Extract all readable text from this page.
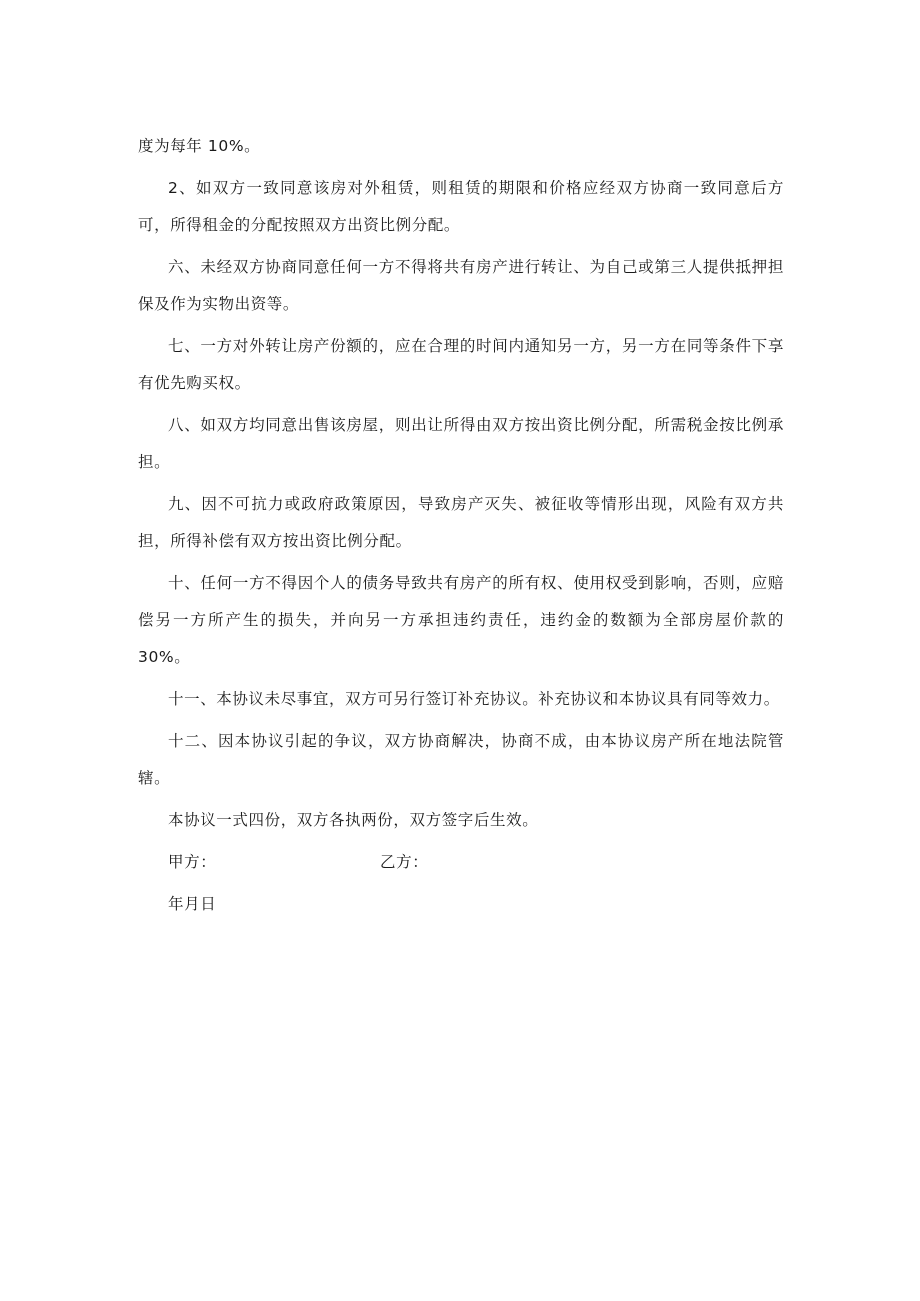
度为每年 10%。

2、如双方一致同意该房对外租赁，则租赁的期限和价格应经双方协商一致同意后方可，所得租金的分配按照双方出资比例分配。

六、未经双方协商同意任何一方不得将共有房产进行转让、为自己或第三人提供抵押担保及作为实物出资等。

七、一方对外转让房产份额的，应在合理的时间内通知另一方，另一方在同等条件下享有优先购买权。

八、如双方均同意出售该房屋，则出让所得由双方按出资比例分配，所需税金按比例承担。

九、因不可抗力或政府政策原因，导致房产灭失、被征收等情形出现，风险有双方共担，所得补偿有双方按出资比例分配。

十、任何一方不得因个人的债务导致共有房产的所有权、使用权受到影响，否则，应赔偿另一方所产生的损失，并向另一方承担违约责任，违约金的数额为全部房屋价款的 30%。

十一、本协议未尽事宜，双方可另行签订补充协议。补充协议和本协议具有同等效力。

十二、因本协议引起的争议，双方协商解决，协商不成，由本协议房产所在地法院管辖。

本协议一式四份，双方各执两份，双方签字后生效。

甲方：	乙方：
年月日
